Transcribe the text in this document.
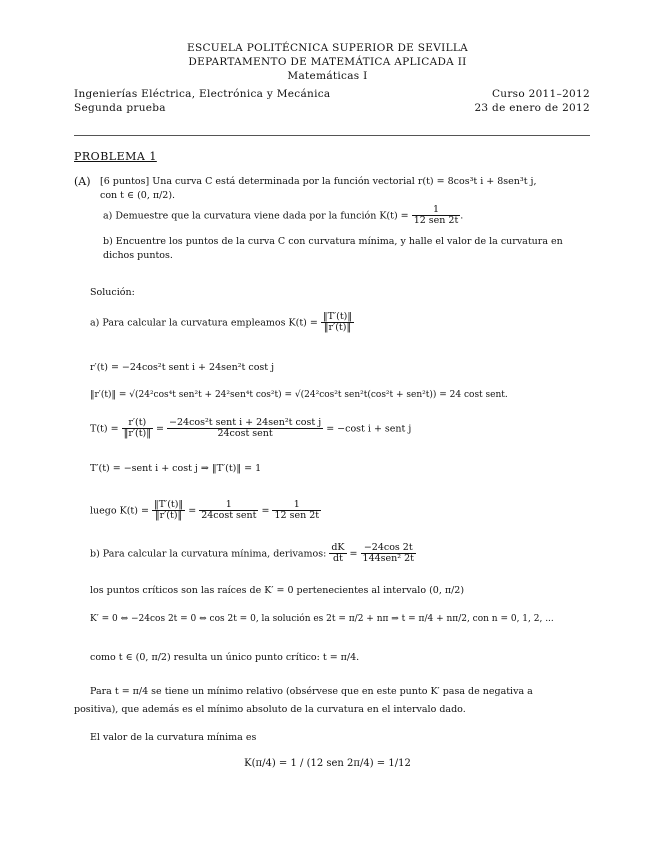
ESCUELA POLITÉCNICA SUPERIOR DE SEVILLA
DEPARTAMENTO DE MATEMÁTICA APLICADA II
Matemáticas I
Ingenierías Eléctrica, Electrónica y Mecánica	Curso 2011–2012
Segunda prueba	23 de enero de 2012
PROBLEMA 1
(A) [6 puntos] Una curva C está determinada por la función vectorial r(t) = 8cos³t i + 8sen³t j,
con t ∈ (0, π/2).
a) Demuestre que la curvatura viene dada por la función $K(t) = \frac{1}{\text{12 sen 2t}}$ .
b) Encuentre los puntos de la curva C con curvatura mínima, y halle el valor de la curvatura en
dichos puntos.
Solución:
a) Para calcular la curvatura empleamos $K(t) = \frac{‖T'(t)‖}{‖r'(t)‖}$
r′(t) = −24cos²t sent i + 24sen²t cost j
‖r′(t)‖ = √(24²cos⁴t sen²t + 24²sen⁴t cos²t) = √(24²cos²t sen²t(cos²t + sen²t)) = 24 cost sent.
$T(t) = \frac{r'(t)}{‖r'(t)‖} = \frac{\text{−24cos²t sent i + 24sen²t cost j}}{\text{24cost sent}} = -\cos t$ i + sent j
T′(t) = −sent i + cost j ⇒ ‖T′(t)‖ = 1
luego $K(t) = \frac{‖T'(t)‖}{‖r'(t)‖} = \frac{1}{\text{24cost sent}} = \frac{1}{\text{12 sen 2t}}$
b) Para calcular la curvatura mínima, derivamos: $\frac{dK}{dt} = \frac{-24\cos 2t}{\text{144sen² 2t}}$
los puntos críticos son las raíces de K′ = 0 pertenecientes al intervalo (0, π/2)
K′ = 0 ⇔ −24cos 2t = 0 ⇔ cos 2t = 0, la solución es 2t = π/2 + nπ ⇒ t = π/4 + nπ/2, con n = 0, 1, 2, ...
como t ∈ (0, π/2) resulta un único punto crítico: t = π/4.
Para t = π/4 se tiene un mínimo relativo (obsérvese que en este punto K′ pasa de negativa a
positiva), que además es el mínimo absoluto de la curvatura en el intervalo dado.
El valor de la curvatura mínima es
K(π/4) = 1 / (12 sen 2π/4) = 1/12
